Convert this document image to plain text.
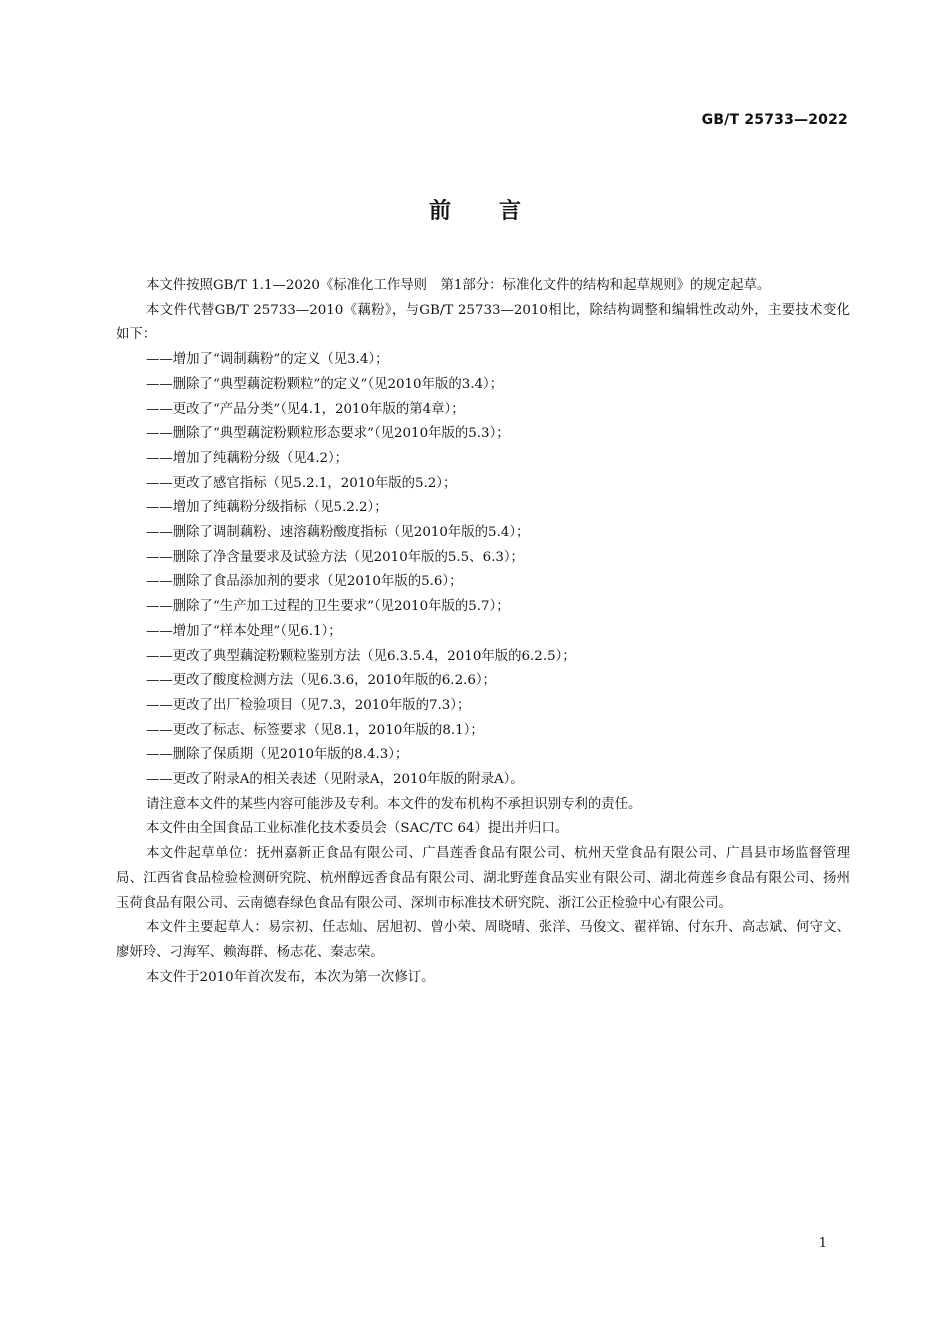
GB/T 25733—2022
前言

本文件按照GB/T 1.1—2020《标准化工作导则　第1部分：标准化文件的结构和起草规则》的规定起草。

本文件代替GB/T 25733—2010《藕粉》，与GB/T 25733—2010相比，除结构调整和编辑性改动外，主要技术变化如下：

——增加了“调制藕粉”的定义（见3.4）；
——删除了“典型藕淀粉颗粒”的定义”（见2010年版的3.4）；
——更改了“产品分类”（见4.1，2010年版的第4章）；
——删除了“典型藕淀粉颗粒形态要求”（见2010年版的5.3）；
——增加了纯藕粉分级（见4.2）；
——更改了感官指标（见5.2.1，2010年版的5.2）；
——增加了纯藕粉分级指标（见5.2.2）；
——删除了调制藕粉、速溶藕粉酸度指标（见2010年版的5.4）；
——删除了净含量要求及试验方法（见2010年版的5.5、6.3）；
——删除了食品添加剂的要求（见2010年版的5.6）；
——删除了“生产加工过程的卫生要求”（见2010年版的5.7）；
——增加了“样本处理”（见6.1）；
——更改了典型藕淀粉颗粒鉴别方法（见6.3.5.4，2010年版的6.2.5）；
——更改了酸度检测方法（见6.3.6，2010年版的6.2.6）；
——更改了出厂检验项目（见7.3，2010年版的7.3）；
——更改了标志、标签要求（见8.1，2010年版的8.1）；
——删除了保质期（见2010年版的8.4.3）；
——更改了附录A的相关表述（见附录A，2010年版的附录A）。

请注意本文件的某些内容可能涉及专利。本文件的发布机构不承担识别专利的责任。

本文件由全国食品工业标准化技术委员会（SAC/TC 64）提出并归口。

本文件起草单位：抚州嘉新正食品有限公司、广昌莲香食品有限公司、杭州天堂食品有限公司、广昌县市场监督管理局、江西省食品检验检测研究院、杭州醇远香食品有限公司、湖北野莲食品实业有限公司、湖北荷莲乡食品有限公司、扬州玉荷食品有限公司、云南德春绿色食品有限公司、深圳市标准技术研究院、浙江公正检验中心有限公司。

本文件主要起草人：易宗初、任志灿、居旭初、曾小荣、周晓晴、张洋、马俊文、翟祥锦、付东升、高志斌、何守文、廖妍玲、刁海军、赖海群、杨志花、秦志荣。

本文件于2010年首次发布，本次为第一次修订。

1
